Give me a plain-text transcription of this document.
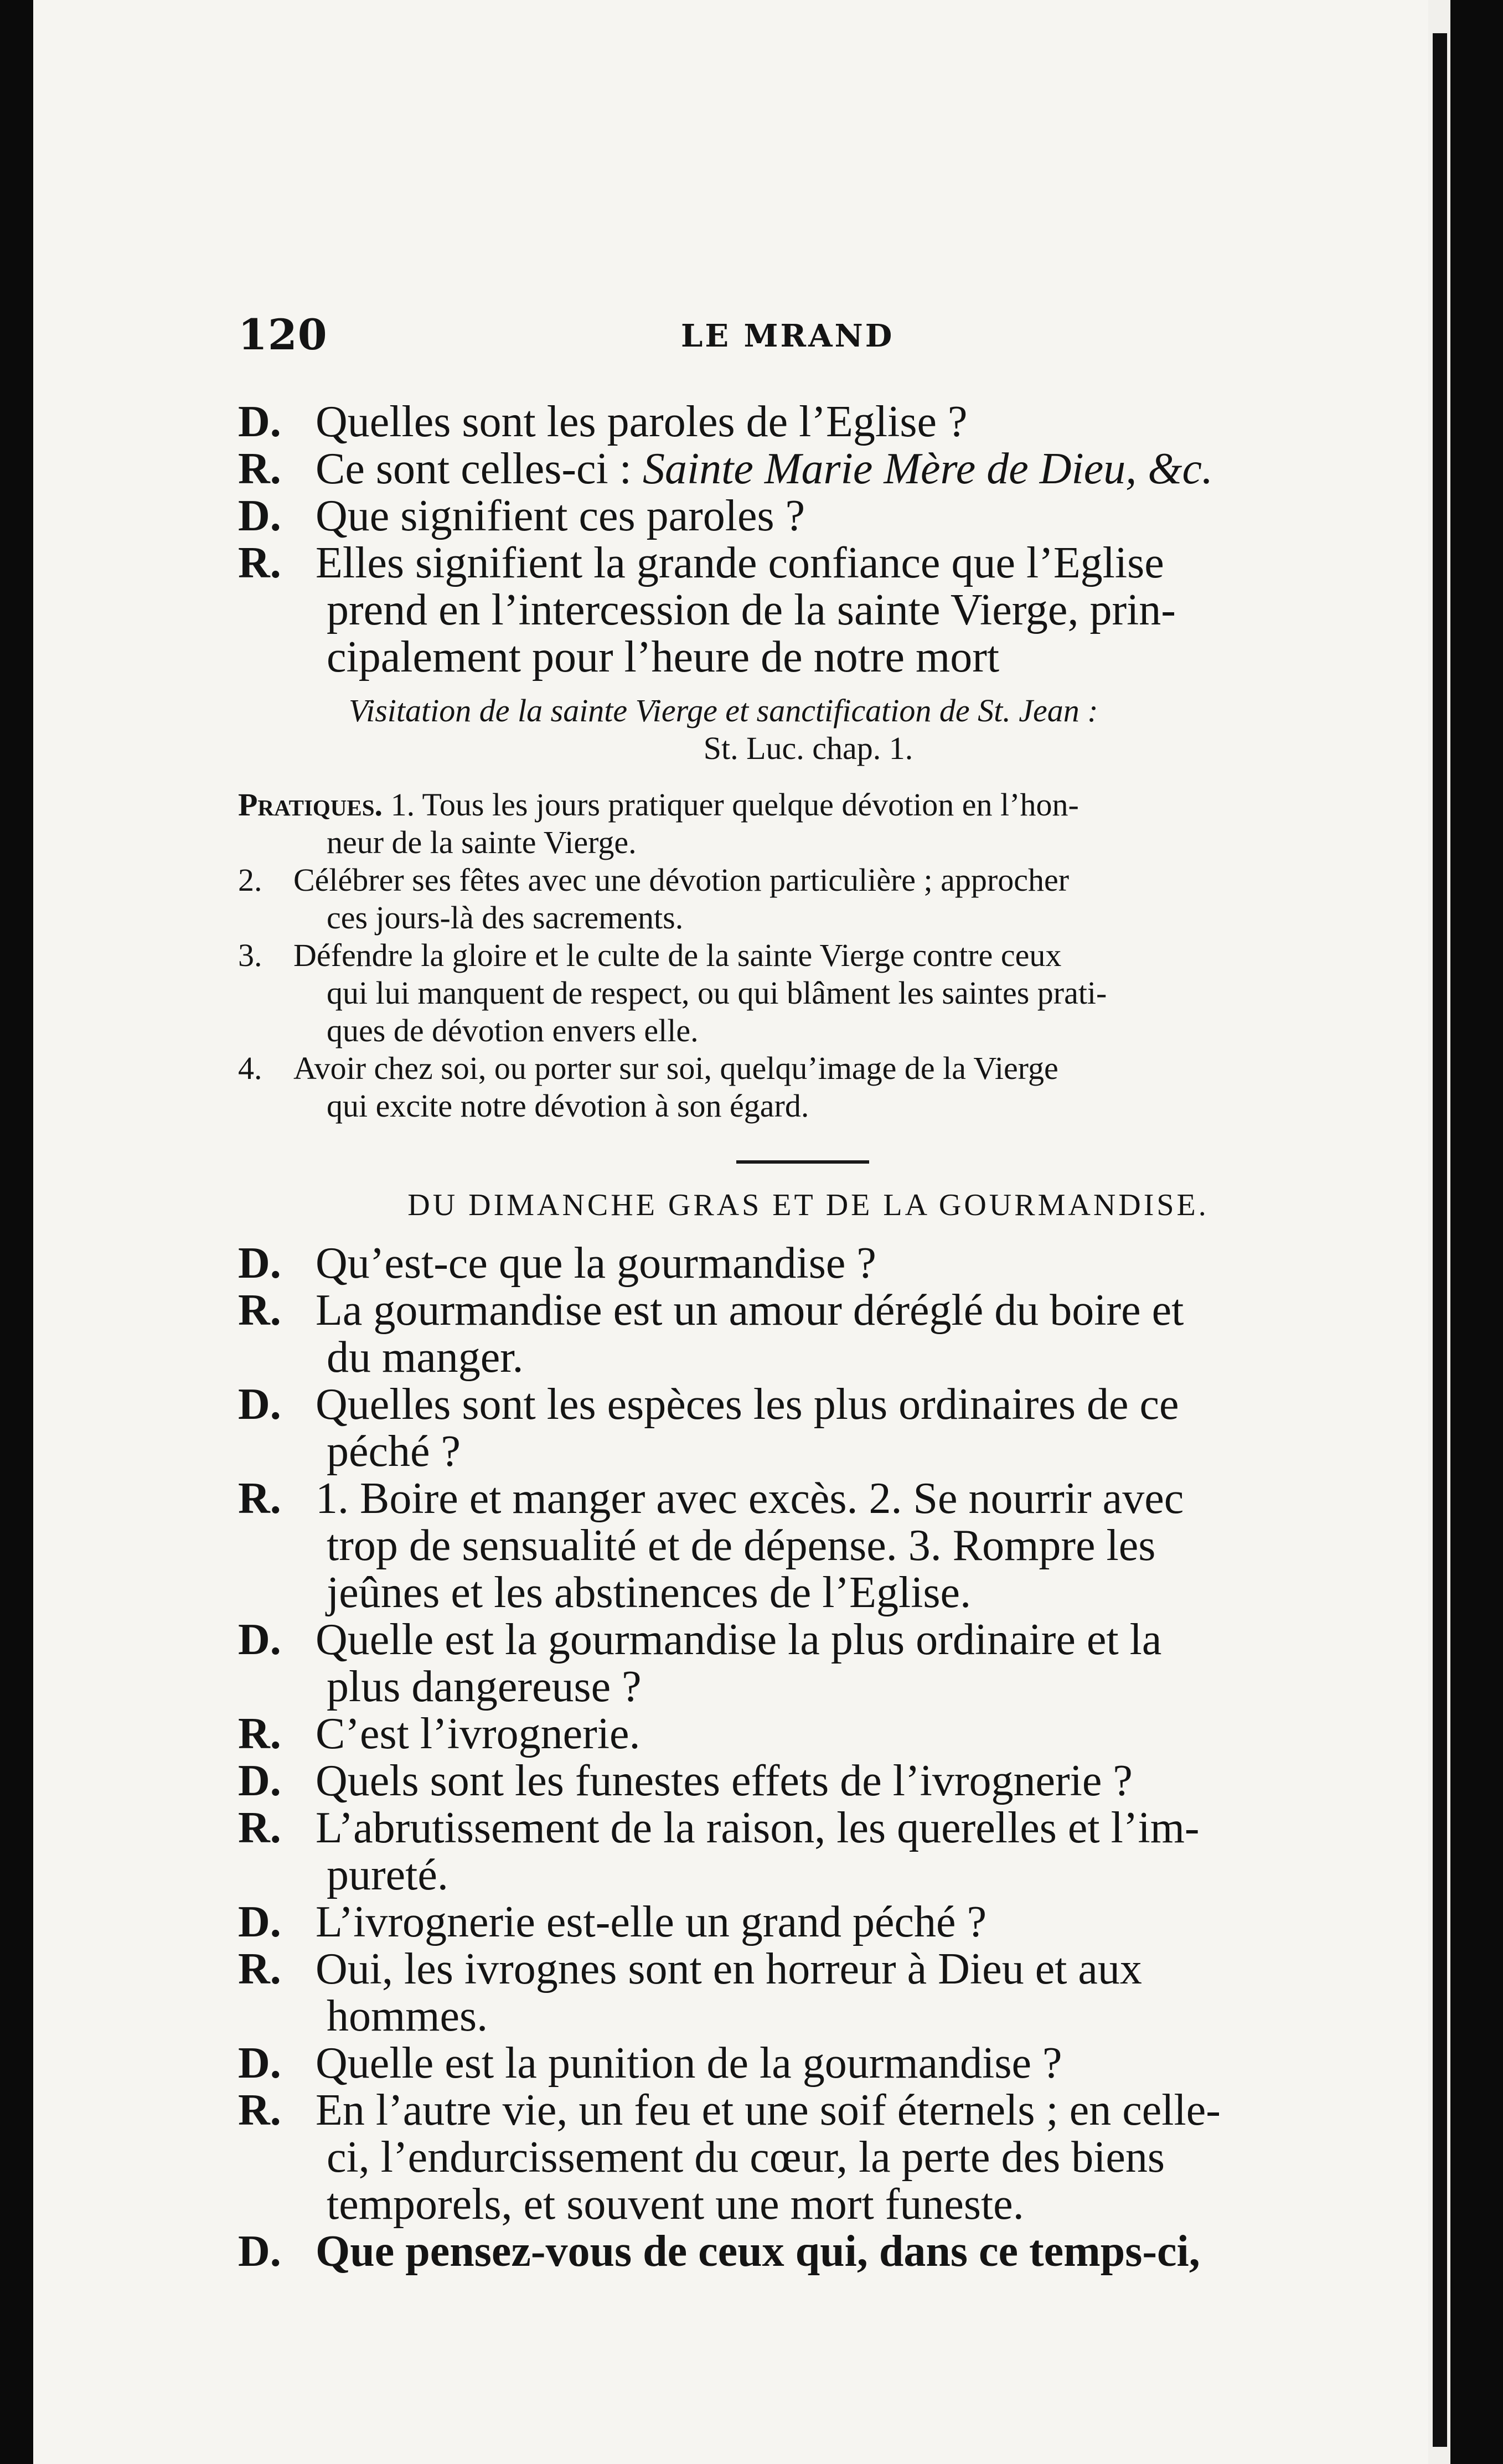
120	LE MRAND
D. Quelles sont les paroles de l’Eglise ?
R. Ce sont celles-ci : Sainte Marie Mère de Dieu, &c.
D. Que signifient ces paroles ?
R. Elles signifient la grande confiance que l’Eglise
prend en l’intercession de la sainte Vierge, prin-
cipalement pour l’heure de notre mort
Visitation de la sainte Vierge et sanctification de St. Jean :
St. Luc. chap. 1.
Pratiques. 1. Tous les jours pratiquer quelque dévotion en l’hon-
neur de la sainte Vierge.
2. Célébrer ses fêtes avec une dévotion particulière ; approcher
ces jours-là des sacrements.
3. Défendre la gloire et le culte de la sainte Vierge contre ceux
qui lui manquent de respect, ou qui blâment les saintes prati-
ques de dévotion envers elle.
4. Avoir chez soi, ou porter sur soi, quelqu’image de la Vierge
qui excite notre dévotion à son égard.
DU DIMANCHE GRAS ET DE LA GOURMANDISE.
D. Qu’est-ce que la gourmandise ?
R. La gourmandise est un amour déréglé du boire et
du manger.
D. Quelles sont les espèces les plus ordinaires de ce
péché ?
R. 1. Boire et manger avec excès. 2. Se nourrir avec
trop de sensualité et de dépense. 3. Rompre les
jeûnes et les abstinences de l’Eglise.
D. Quelle est la gourmandise la plus ordinaire et la
plus dangereuse ?
R. C’est l’ivrognerie.
D. Quels sont les funestes effets de l’ivrognerie ?
R. L’abrutissement de la raison, les querelles et l’im-
pureté.
D. L’ivrognerie est-elle un grand péché ?
R. Oui, les ivrognes sont en horreur à Dieu et aux
hommes.
D. Quelle est la punition de la gourmandise ?
R. En l’autre vie, un feu et une soif éternels ; en celle-
ci, l’endurcissement du cœur, la perte des biens
temporels, et souvent une mort funeste.
D. Que pensez-vous de ceux qui, dans ce temps-ci,
